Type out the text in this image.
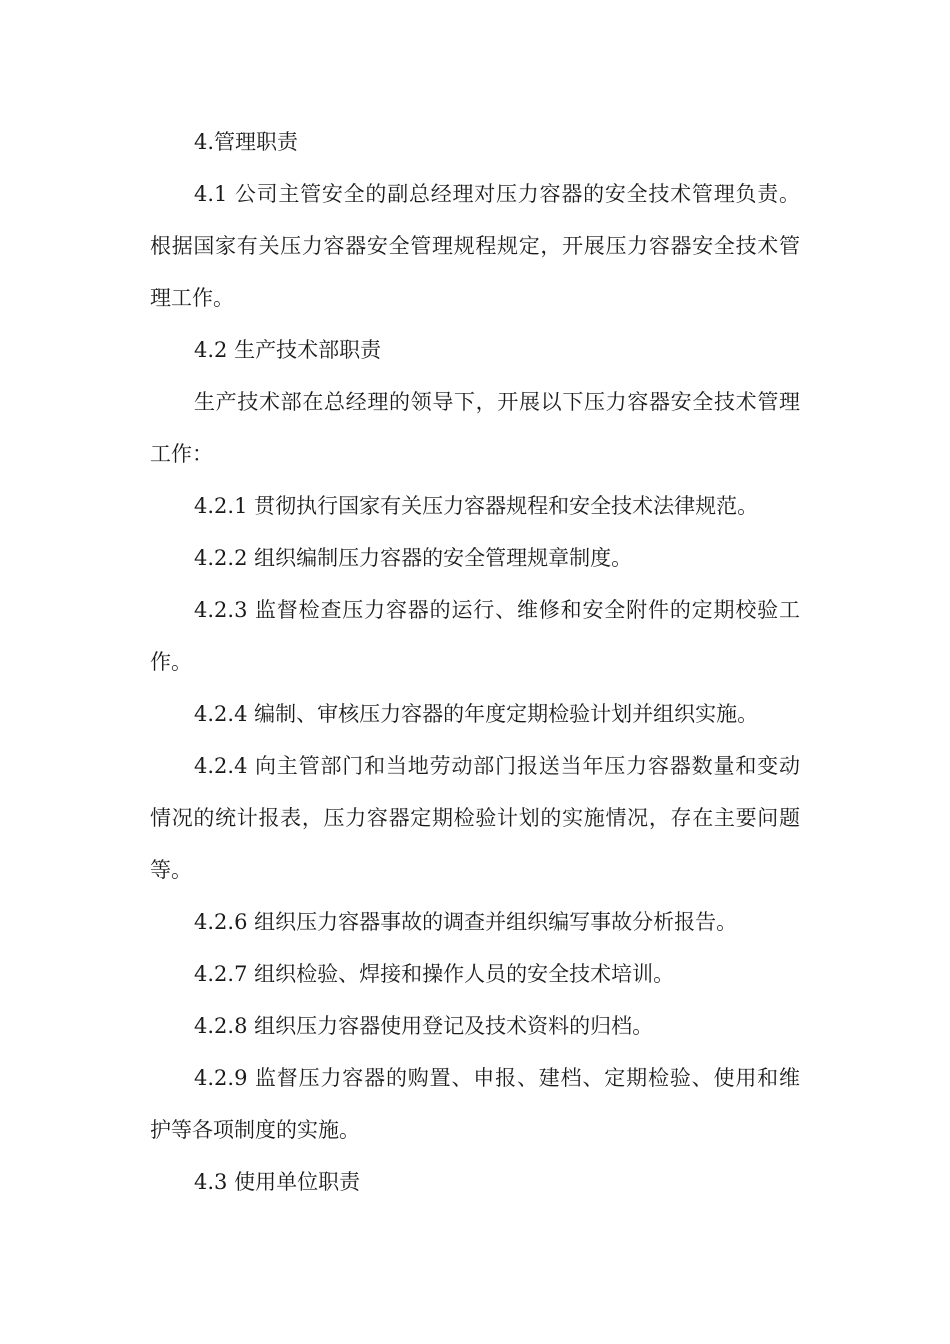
4.管理职责

4.1 公司主管安全的副总经理对压力容器的安全技术管理负责。根据国家有关压力容器安全管理规程规定，开展压力容器安全技术管理工作。

4.2 生产技术部职责

生产技术部在总经理的领导下，开展以下压力容器安全技术管理工作：

4.2.1 贯彻执行国家有关压力容器规程和安全技术法律规范。

4.2.2 组织编制压力容器的安全管理规章制度。

4.2.3 监督检查压力容器的运行、维修和安全附件的定期校验工作。

4.2.4 编制、审核压力容器的年度定期检验计划并组织实施。

4.2.4 向主管部门和当地劳动部门报送当年压力容器数量和变动情况的统计报表，压力容器定期检验计划的实施情况，存在主要问题等。

4.2.6 组织压力容器事故的调查并组织编写事故分析报告。

4.2.7 组织检验、焊接和操作人员的安全技术培训。

4.2.8 组织压力容器使用登记及技术资料的归档。

4.2.9 监督压力容器的购置、申报、建档、定期检验、使用和维护等各项制度的实施。

4.3 使用单位职责
